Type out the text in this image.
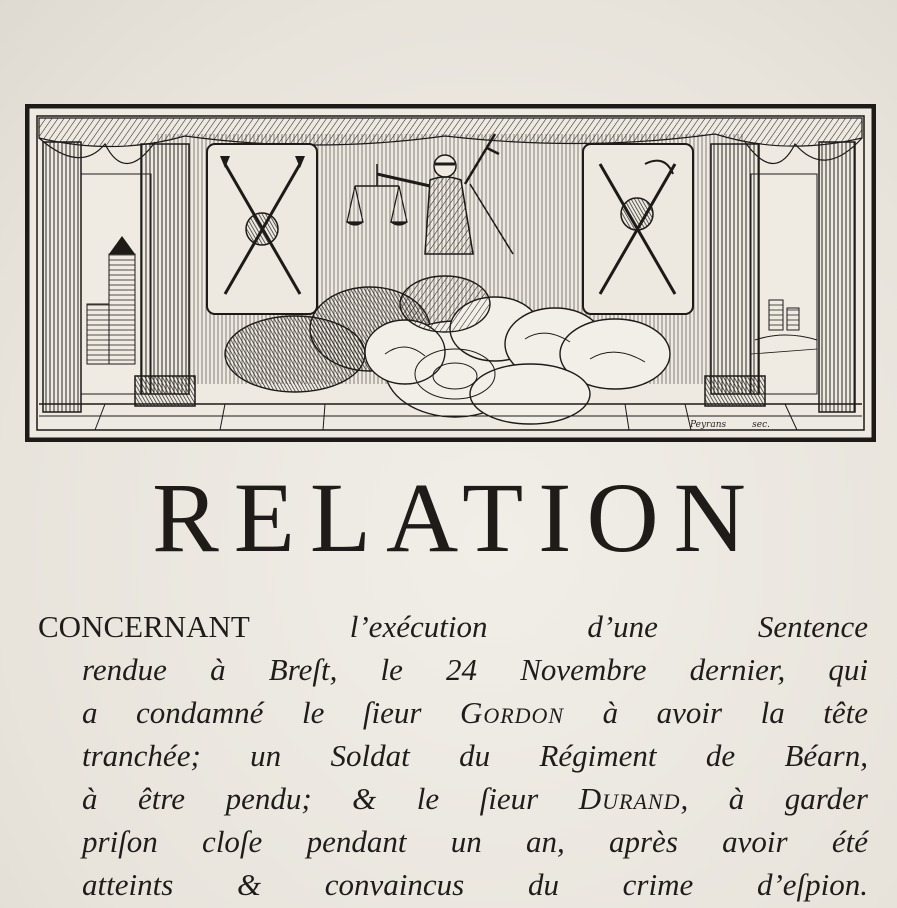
Peyrans	sec.
RELATION
CONCERNANT l’exécution d’une Sentence
rendue à Breſt, le 24 Novembre dernier, qui
a condamné le ſieur Gordon à avoir la tête
tranchée; un Soldat du Régiment de Béarn,
à être pendu; & le ſieur Durand, à garder
priſon cloſe pendant un an, après avoir été
atteints & convaincus du crime d’eſpion.
